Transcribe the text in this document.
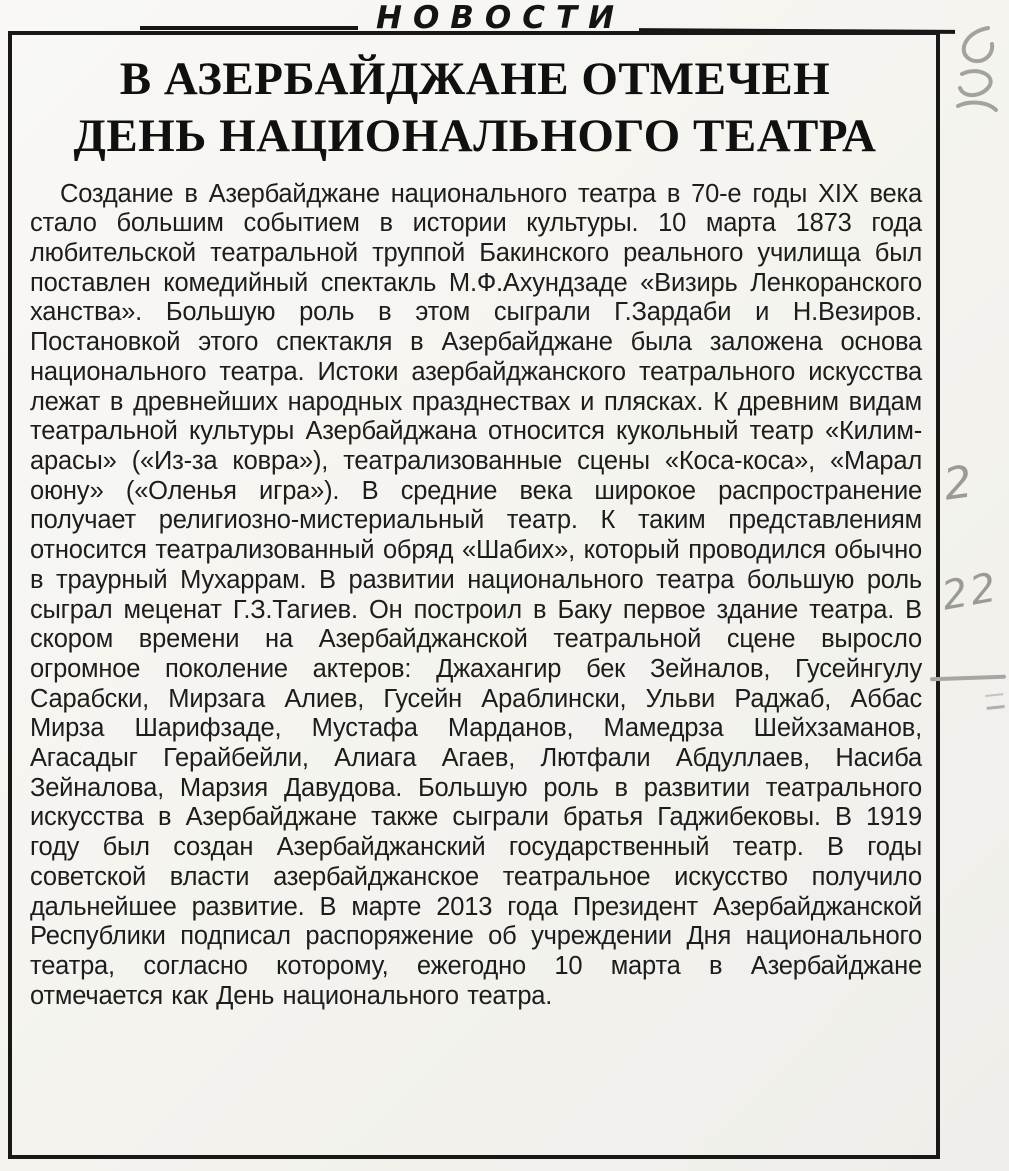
НОВОСТИ
В АЗЕРБАЙДЖАНЕ ОТМЕЧЕН
ДЕНЬ НАЦИОНАЛЬНОГО ТЕАТРА

Создание в Азербайджане национального театра в 70-е годы XIX века стало большим событием в истории культуры. 10 марта 1873 года любительской театральной труппой Бакинского реального училища был поставлен комедийный спектакль М.Ф.Ахундзаде «Визирь Ленкоранского ханства». Большую роль в этом сыграли Г.Зардаби и Н.Везиров. Постановкой этого спектакля в Азербайджане была заложена основа национального театра. Истоки азербайджанского театрального искусства лежат в древнейших народных празднествах и плясках. К древним видам театральной культуры Азербайджана относится кукольный театр «Килим-арасы» («Из-за ковра»), театрализованные сцены «Коса-коса», «Марал оюну» («Оленья игра»). В средние века широкое распространение получает религиозно-мистериальный театр. К таким представлениям относится театрализованный обряд «Шабих», который проводился обычно в траурный Мухаррам. В развитии национального театра большую роль сыграл меценат Г.З.Тагиев. Он построил в Баку первое здание театра. В скором времени на Азербайджанской театральной сцене выросло огромное поколение актеров: Джахангир бек Зейналов, Гусейнгулу Сарабски, Мирзага Алиев, Гусейн Араблински, Ульви Раджаб, Аббас Мирза Шарифзаде, Мустафа Марданов, Мамедрза Шейхзаманов, Агасадыг Герайбейли, Алиага Агаев, Лютфали Абдуллаев, Насиба Зейналова, Марзия Давудова. Большую роль в развитии театрального искусства в Азербайджане также сыграли братья Гаджибековы. В 1919 году был создан Азербайджанский государственный театр. В годы советской власти азербайджанское театральное искусство получило дальнейшее развитие. В марте 2013 года Президент Азербайджанской Республики подписал распоряжение об учреждении Дня национального театра, согласно которому, ежегодно 10 марта в Азербайджане отмечается как День национального театра.

2
22
